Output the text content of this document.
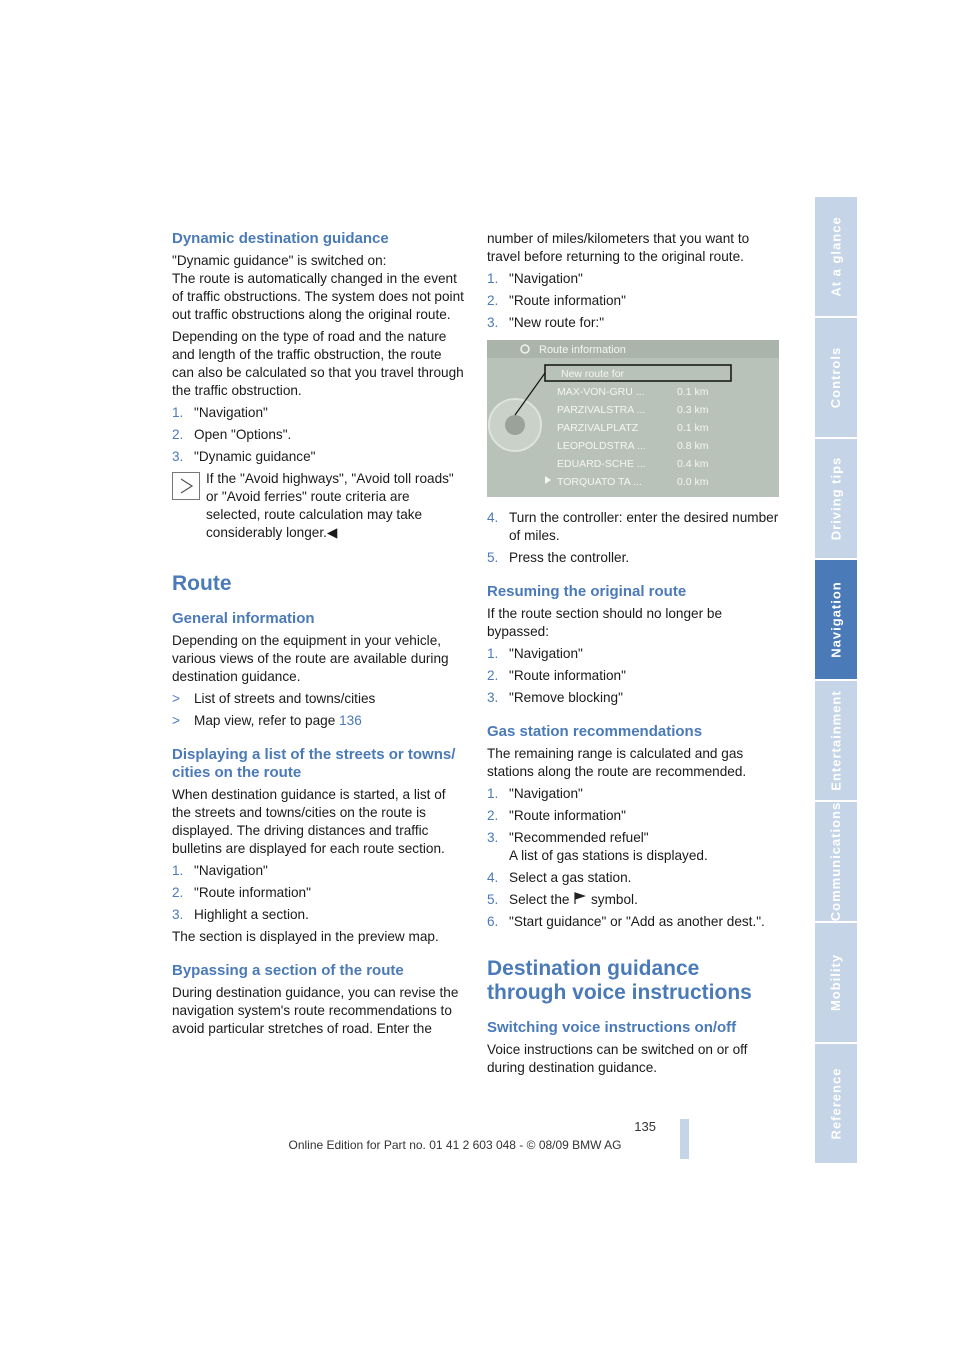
Dynamic destination guidance

"Dynamic guidance" is switched on:
The route is automatically changed in the event of traffic obstructions. The system does not point out traffic obstructions along the original route.

Depending on the type of road and the nature and length of the traffic obstruction, the route can also be calculated so that you travel through the traffic obstruction.

1. "Navigation"
2. Open "Options".
3. "Dynamic guidance"
If the "Avoid highways", "Avoid toll roads" or "Avoid ferries" route criteria are selected, route calculation may take considerably longer.◀
Route
General information

Depending on the equipment in your vehicle, various views of the route are available during destination guidance.

>	List of streets and towns/cities
>	Map view, refer to page 136
Displaying a list of the streets or towns/ cities on the route

When destination guidance is started, a list of the streets and towns/cities on the route is displayed. The driving distances and traffic bulletins are displayed for each route section.

1. "Navigation"
2. "Route information"
3. Highlight a section.

The section is displayed in the preview map.

Bypassing a section of the route

During destination guidance, you can revise the navigation system's route recommendations to avoid particular stretches of road. Enter the

number of miles/kilometers that you want to travel before returning to the original route.

1. "Navigation"
2. "Route information"
3. "New route for:"
Route information
New route for
MAX-VON-GRU ...	0.1 km
PARZIVALSTRA ...	0.3 km
PARZIVALPLATZ	0.1 km
LEOPOLDSTRA ...	0.8 km
EDUARD-SCHE ...	0.4 km
TORQUATO TA ...	0.0 km
4. Turn the controller: enter the desired number of miles.
5. Press the controller.
Resuming the original route

If the route section should no longer be bypassed:

1. "Navigation"
2. "Route information"
3. "Remove blocking"
Gas station recommendations

The remaining range is calculated and gas stations along the route are recommended.

1. "Navigation"
2. "Route information"
3. "Recommended refuel"
A list of gas stations is displayed.
4. Select a gas station.
5. Select the  symbol.
6. "Start guidance" or "Add as another dest.".
Destination guidance through voice instructions
Switching voice instructions on/off

Voice instructions can be switched on or off during destination guidance.

At a glance
Controls
Driving tips
Navigation
Entertainment
Communications
Mobility
Reference
135
Online Edition for Part no. 01 41 2 603 048 - © 08/09 BMW AG
